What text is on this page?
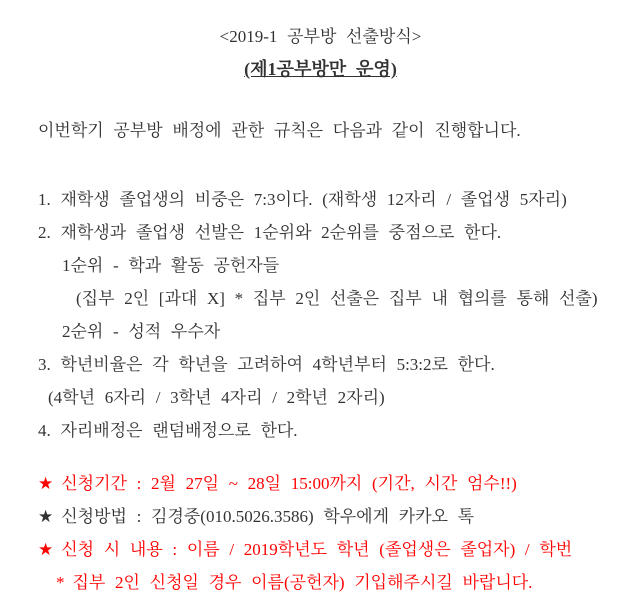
<2019-1 공부방 선출방식>
(제1공부방만 운영)
이번학기 공부방 배정에 관한 규칙은 다음과 같이 진행합니다.
1. 재학생 졸업생의 비중은 7:3이다. (재학생 12자리 / 졸업생 5자리)
2. 재학생과 졸업생 선발은 1순위와 2순위를 중점으로 한다.
1순위 - 학과 활동 공헌자들
(집부 2인 [과대 X] * 집부 2인 선출은 집부 내 협의를 통해 선출)
2순위 - 성적 우수자
3. 학년비율은 각 학년을 고려하여 4학년부터 5:3:2로 한다.
(4학년 6자리 / 3학년 4자리 / 2학년 2자리)
4. 자리배정은 랜덤배정으로 한다.
★ 신청기간 : 2월 27일 ~ 28일 15:00까지 (기간, 시간 엄수!!)
★ 신청방법 : 김경중(010.5026.3586) 학우에게 카카오 톡
★ 신청 시 내용 : 이름 / 2019학년도 학년 (졸업생은 졸업자) / 학번
* 집부 2인 신청일 경우 이름(공헌자) 기입해주시길 바랍니다.
